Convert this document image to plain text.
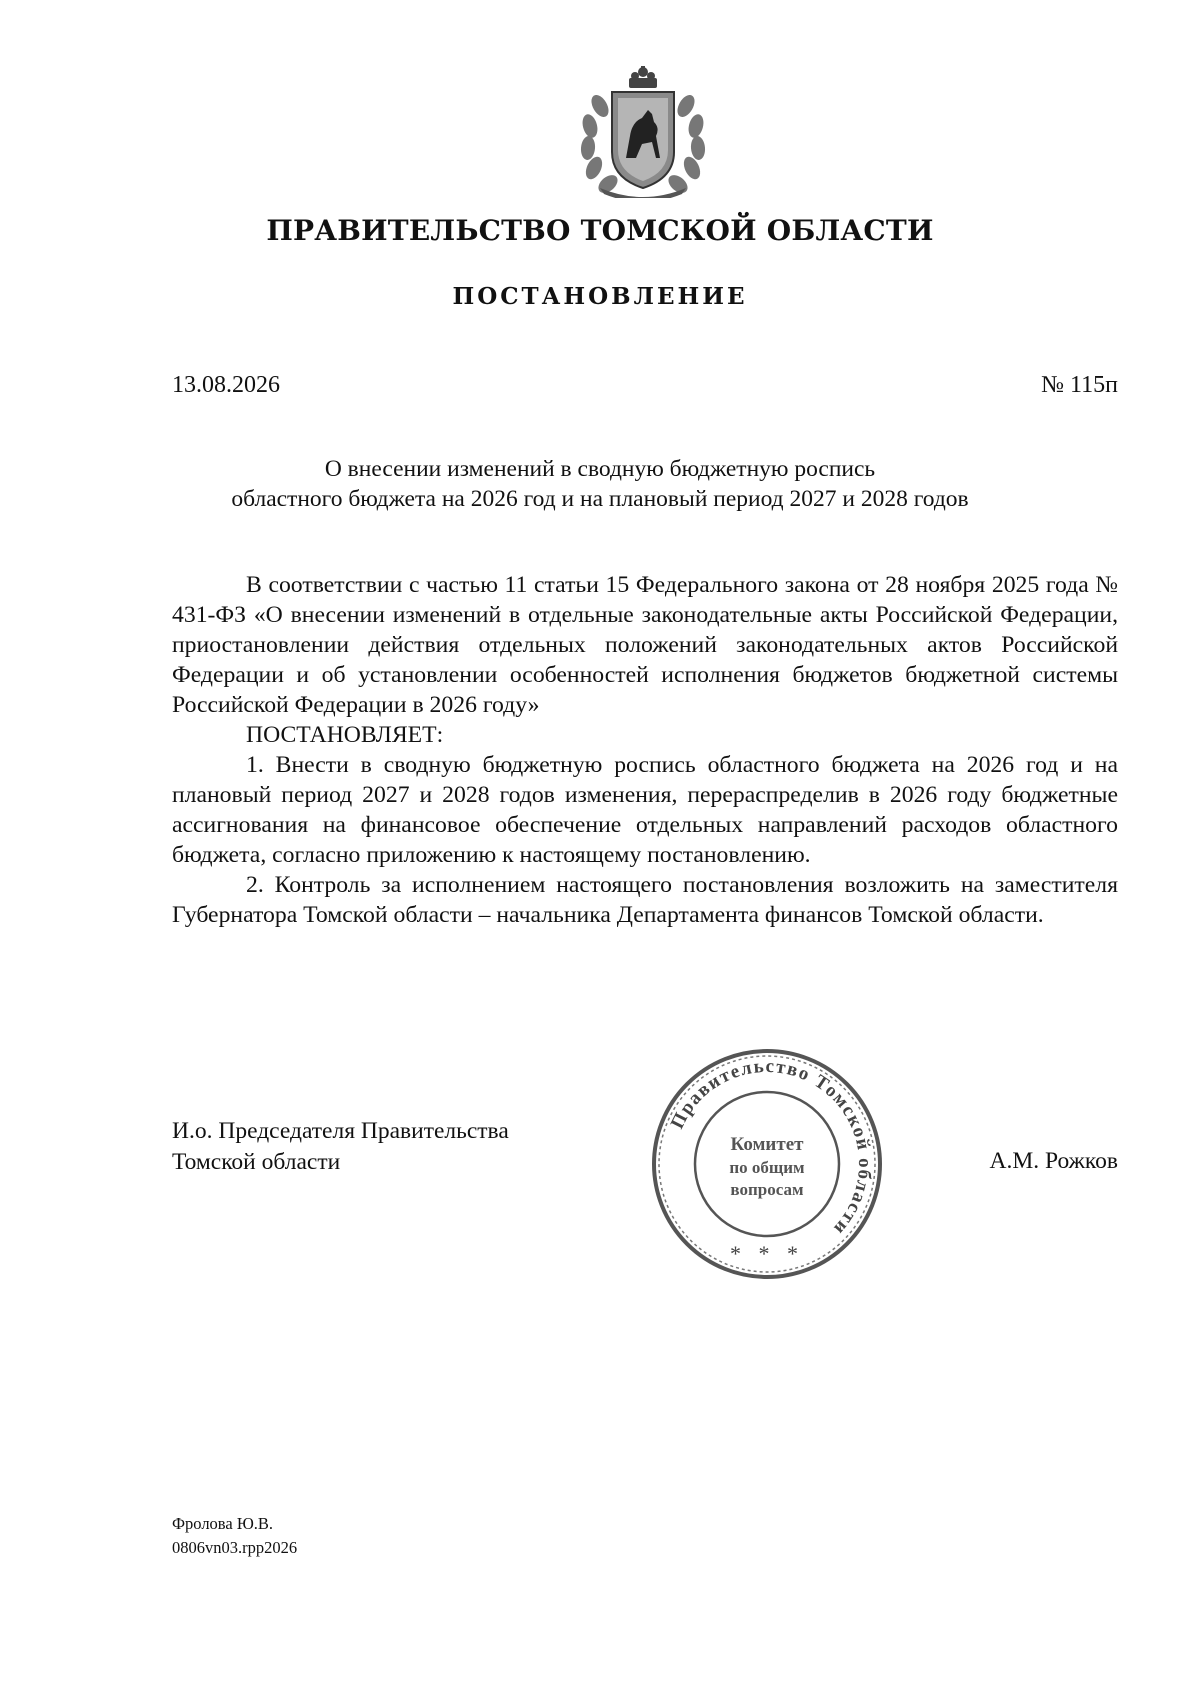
ПРАВИТЕЛЬСТВО ТОМСКОЙ ОБЛАСТИ
ПОСТАНОВЛЕНИЕ
13.08.2026	№ 115п
О внесении изменений в сводную бюджетную роспись
областного бюджета на 2026 год и на плановый период 2027 и 2028 годов

В соответствии с частью 11 статьи 15 Федерального закона от 28 ноября 2025 года № 431-ФЗ «О внесении изменений в отдельные законодательные акты Российской Федерации, приостановлении действия отдельных положений законодательных актов Российской Федерации и об установлении особенностей исполнения бюджетов бюджетной системы Российской Федерации в 2026 году»

ПОСТАНОВЛЯЕТ:

1. Внести в сводную бюджетную роспись областного бюджета на 2026 год и на плановый период 2027 и 2028 годов изменения, перераспределив в 2026 году бюджетные ассигнования на финансовое обеспечение отдельных направлений расходов областного бюджета, согласно приложению к настоящему постановлению.

2. Контроль за исполнением настоящего постановления возложить на заместителя Губернатора Томской области – начальника Департамента финансов Томской области.

И.о. Председателя Правительства
Томской области
Правительство Томской области
Комитет
по общим
вопросам
* * *
А.М. Рожков
Фролова Ю.В.
0806vn03.rpp2026
